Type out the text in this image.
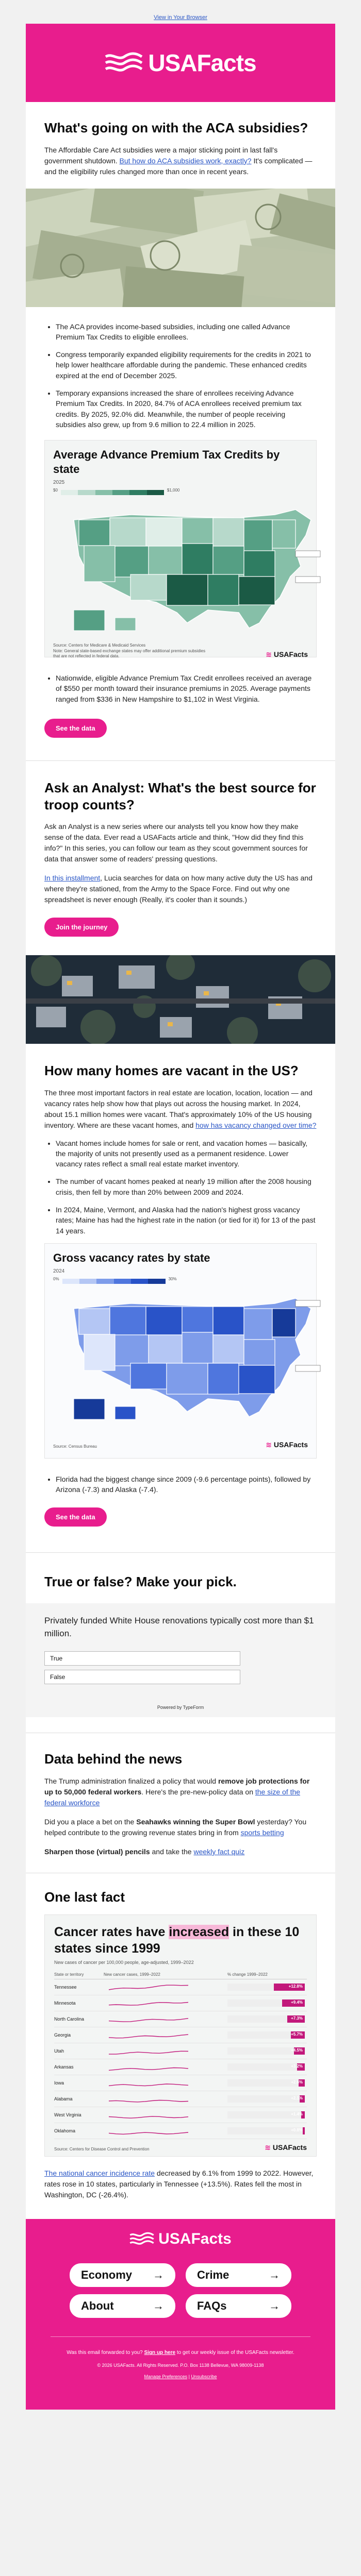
View in Your Browser
USAFacts
What's going on with the ACA subsidies?

The Affordable Care Act subsidies were a major sticking point in last fall's government shutdown. But how do ACA subsidies work, exactly? It's complicated — and the eligibility rules changed more than once in recent years.

• The ACA provides income-based subsidies, including one called Advance Premium Tax Credits to eligible enrollees.
• Congress temporarily expanded eligibility requirements for the credits in 2021 to help lower healthcare affordable during the pandemic. These enhanced credits expired at the end of December 2025.
• Temporary expansions increased the share of enrollees receiving Advance Premium Tax Credits. In 2020, 84.7% of ACA enrollees received premium tax credits. By 2025, 92.0% did. Meanwhile, the number of people receiving subsidies also grew, up from 9.6 million to 22.4 million in 2025.
Average Advance Premium Tax Credits by state
2025
$0	$1,000
Source: Centers for Medicare & Medicaid Services
Note: General state-based exchange states may offer additional premium subsidies that are not reflected in federal data.	≋ USAFacts
• Nationwide, eligible Advance Premium Tax Credit enrollees received an average of $550 per month toward their insurance premiums in 2025. Average payments ranged from $336 in New Hampshire to $1,102 in West Virginia.
See the data
Ask an Analyst: What's the best source for troop counts?

Ask an Analyst is a new series where our analysts tell you know how they make sense of the data. Ever read a USAFacts article and think, "How did they find this info?" In this series, you can follow our team as they scout government sources for data that answer some of readers' pressing questions.

In this installment, Lucia searches for data on how many active duty the US has and where they're stationed, from the Army to the Space Force. Find out why one spreadsheet is never enough (Really, it's cooler than it sounds.)

Join the journey
How many homes are vacant in the US?

The three most important factors in real estate are location, location, location — and vacancy rates help show how that plays out across the housing market. In 2024, about 15.1 million homes were vacant. That's approximately 10% of the US housing inventory. Where are these vacant homes, and how has vacancy changed over time?

• Vacant homes include homes for sale or rent, and vacation homes — basically, the majority of units not presently used as a permanent residence. Lower vacancy rates reflect a small real estate market inventory.
• The number of vacant homes peaked at nearly 19 million after the 2008 housing crisis, then fell by more than 20% between 2009 and 2024.
• In 2024, Maine, Vermont, and Alaska had the nation's highest gross vacancy rates; Maine has had the highest rate in the nation (or tied for it) for 13 of the past 14 years.
Gross vacancy rates by state
2024
0%	30%
Source: Census Bureau	≋ USAFacts
• Florida had the biggest change since 2009 (-9.6 percentage points), followed by Arizona (-7.3) and Alaska (-7.4).
See the data
True or false? Make your pick.
Privately funded White House renovations typically cost more than $1 million.
True
False
Powered by TypeForm
Data behind the news

The Trump administration finalized a policy that would remove job protections for up to 50,000 federal workers. Here's the pre-new-policy data on the size of the federal workforce

Did you a place a bet on the Seahawks winning the Super Bowl yesterday? You helped contribute to the growing revenue states bring in from sports betting

Sharpen those (virtual) pencils and take the weekly fact quiz

One last fact
Cancer rates have increased in these 10 states since 1999
New cases of cancer per 100,000 people, age-adjusted, 1999–2022
State or territory	New cancer cases, 1999–2022	% change 1999–2022
Tennessee	+12.8%
Minnesota	+9.4%
North Carolina	+7.3%
Georgia	+5.7%
Utah	+4.5%
Arkansas	+3.2%
Iowa	+2.6%
Alabama	+2.1%
West Virginia	+1.4%
Oklahoma	+0.8%
Source: Centers for Disease Control and Prevention	≋ USAFacts

The national cancer incidence rate decreased by 6.1% from 1999 to 2022. However, rates rose in 10 states, particularly in Tennessee (+13.5%). Rates fell the most in Washington, DC (-26.4%).

USAFacts
Economy →	Crime	→
About	→	FAQs	→

Was this email forwarded to you? Sign up here to get our weekly issue of the USAFacts newsletter.

© 2026 USAFacts. All Rights Reserved. P.O. Box 1138 Bellevue, WA 98009-1138

Manage Preferences | Unsubscribe
